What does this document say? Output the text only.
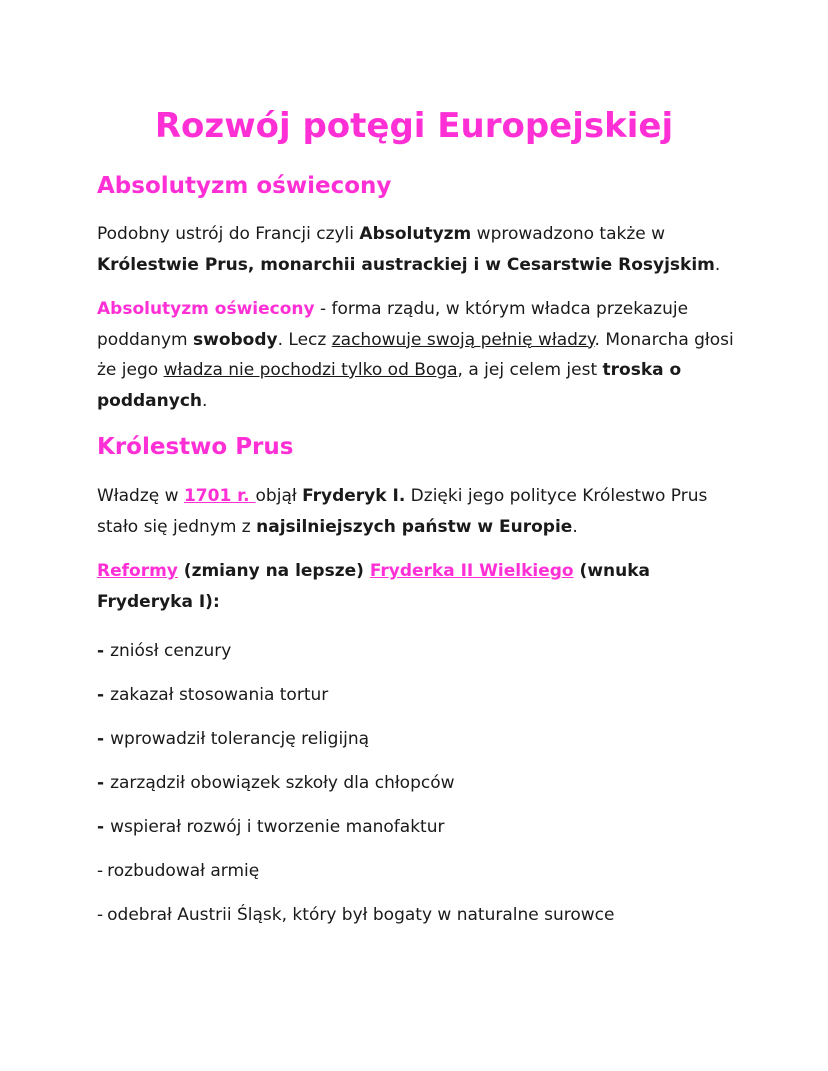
Rozwój potęgi Europejskiej
Absolutyzm oświecony

Podobny ustrój do Francji czyli Absolutyzm wprowadzono także w Królestwie Prus, monarchii austrackiej i w Cesarstwie Rosyjskim.

Absolutyzm oświecony - forma rządu, w którym władca przekazuje poddanym swobody. Lecz zachowuje swoją pełnię władzy. Monarcha głosi że jego władza nie pochodzi tylko od Boga, a jej celem jest troska o poddanych.

Królestwo Prus

Władzę w 1701 r. objął Fryderyk I. Dzięki jego polityce Królestwo Prus stało się jednym z najsilniejszych państw w Europie.

Reformy (zmiany na lepsze) Fryderka II Wielkiego (wnuka Fryderyka I):

- zniósł cenzury
- zakazał stosowania tortur
- wprowadził tolerancję religijną
- zarządził obowiązek szkoły dla chłopców
- wspierał rozwój i tworzenie manofaktur
- rozbudował armię
- odebrał Austrii Śląsk, który był bogaty w naturalne surowce
